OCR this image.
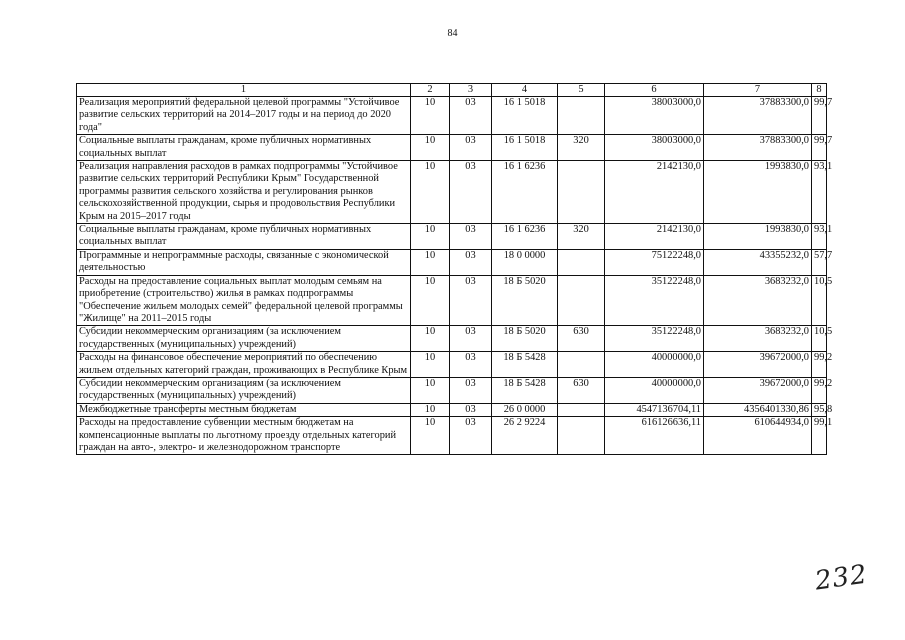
84
1	2	3	4	5	6	7	8
Реализация мероприятий федеральной целевой программы "Устойчивое развитие сельских территорий на 2014–2017 годы и на период до 2020 года"	10	03	16 1 5018		38003000,0	37883300,0	99,7
Социальные выплаты гражданам, кроме публичных нормативных социальных выплат	10	03	16 1 5018	320	38003000,0	37883300,0	99,7
Реализация направления расходов в рамках подпрограммы "Устойчивое развитие сельских территорий Республики Крым" Государственной программы развития сельского хозяйства и регулирования рынков сельскохозяйственной продукции, сырья и продовольствия Республики Крым на 2015–2017 годы	10	03	16 1 6236		2142130,0	1993830,0	93,1
Социальные выплаты гражданам, кроме публичных нормативных социальных выплат	10	03	16 1 6236	320	2142130,0	1993830,0	93,1
Программные и непрограммные расходы, связанные с экономической деятельностью	10	03	18 0 0000		75122248,0	43355232,0	57,7
Расходы на предоставление социальных выплат молодым семьям на приобретение (строительство) жилья в рамках подпрограммы "Обеспечение жильем молодых семей" федеральной целевой программы "Жилище" на 2011–2015 годы	10	03	18 Б 5020		35122248,0	3683232,0	10,5
Субсидии некоммерческим организациям (за исключением государственных (муниципальных) учреждений)	10	03	18 Б 5020	630	35122248,0	3683232,0	10,5
Расходы на финансовое обеспечение мероприятий по обеспечению жильем отдельных категорий граждан, проживающих в Республике Крым	10	03	18 Б 5428		40000000,0	39672000,0	99,2
Субсидии некоммерческим организациям (за исключением государственных (муниципальных) учреждений)	10	03	18 Б 5428	630	40000000,0	39672000,0	99,2
Межбюджетные трансферты местным бюджетам	10	03	26 0 0000		4547136704,11	4356401330,86	95,8
Расходы на предоставление субвенции местным бюджетам на компенсационные выплаты по льготному проезду отдельных категорий граждан на авто-, электро- и железнодорожном транспорте	10	03	26 2 9224		616126636,11	610644934,0	99,1
232
